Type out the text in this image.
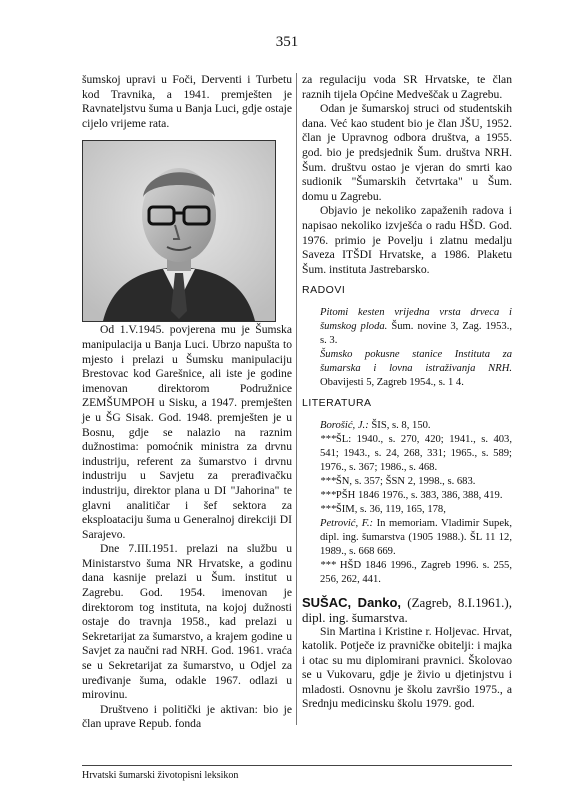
351

šumskoj upravi u Foči, Derventi i Turbetu kod Travnika, a 1941. premješten je Ravnateljstvu šuma u Banja Luci, gdje ostaje cijelo vrijeme rata.

Od 1.V.1945. povjerena mu je Šumska manipulacija u Banja Luci. Ubrzo napušta to mjesto i prelazi u Šumsku manipulaciju Brestovac kod Garešnice, ali iste je godine imenovan direktorom Podružnice ZEMŠUMPOH u Sisku, a 1947. premješten je u ŠG Sisak. God. 1948. premješten je u Bosnu, gdje se nalazio na raznim dužnostima: pomoćnik ministra za drvnu industriju, referent za šumarstvo i drvnu industriju u Savjetu za prerađivačku industriju, direktor plana u DI "Jahorina" te glavni analitičar i šef sektora za eksploataciju šuma u Generalnoj direkciji DI Sarajevo.

Dne 7.III.1951. prelazi na službu u Ministarstvo šuma NR Hrvatske, a godinu dana kasnije prelazi u Šum. institut u Zagrebu. God. 1954. imenovan je direktorom tog instituta, na kojoj dužnosti ostaje do travnja 1958., kad prelazi u Sekretarijat za šumarstvo, a krajem godine u Savjet za naučni rad NRH. God. 1961. vraća se u Sekretarijat za šumarstvo, u Odjel za uređivanje šuma, odakle 1967. odlazi u mirovinu.

Društveno i politički je aktivan: bio je član uprave Repub. fonda

za regulaciju voda SR Hrvatske, te član raznih tijela Općine Medveščak u Zagrebu.

Odan je šumarskoj struci od studentskih dana. Već kao student bio je član JŠU, 1952. član je Upravnog odbora društva, a 1955. god. bio je predsjednik Šum. društva NRH. Šum. društvu ostao je vjeran do smrti kao sudionik "Šumarskih četvrtaka" u Šum. domu u Zagrebu.

Objavio je nekoliko zapaženih radova i napisao nekoliko izvješća o radu HŠD. God. 1976. primio je Povelju i zlatnu medalju Saveza ITŠDI Hrvatske, a 1986. Plaketu Šum. instituta Jastrebarsko.

RADOVI
Pitomi kesten vrijedna vrsta drveca i šumskog ploda. Šum. novine 3, Zag. 1953., s. 3.
Šumsko pokusne stanice Instituta za šumarska i lovna istraživanja NRH. Obavijesti 5, Zagreb 1954., s. 1 4.
LITERATURA
Borošić, J.: ŠIS, s. 8, 150.
***ŠL: 1940., s. 270, 420; 1941., s. 403, 541; 1943., s. 24, 268, 331; 1965., s. 589; 1976., s. 367; 1986., s. 468.
***ŠN, s. 357; ŠSN 2, 1998., s. 683.
***PŠH 1846 1976., s. 383, 386, 388, 419.
***ŠIM, s. 36, 119, 165, 178,
Petrović, F.: In memoriam. Vladimir Supek, dipl. ing. šumarstva (1905 1988.). ŠL 11 12, 1989., s. 668 669.
*** HŠD 1846 1996., Zagreb 1996. s. 255, 256, 262, 441.
SUŠAC, Danko, (Zagreb, 8.I.1961.), dipl. ing. šumarstva.

Sin Martina i Kristine r. Holjevac. Hrvat, katolik. Potječe iz pravničke obitelji: i majka i otac su mu diplomirani pravnici. Školovao se u Vukovaru, gdje je živio u djetinjstvu i mladosti. Osnovnu je školu završio 1975., a Srednju medicinsku školu 1979. god.

Hrvatski šumarski životopisni leksikon
